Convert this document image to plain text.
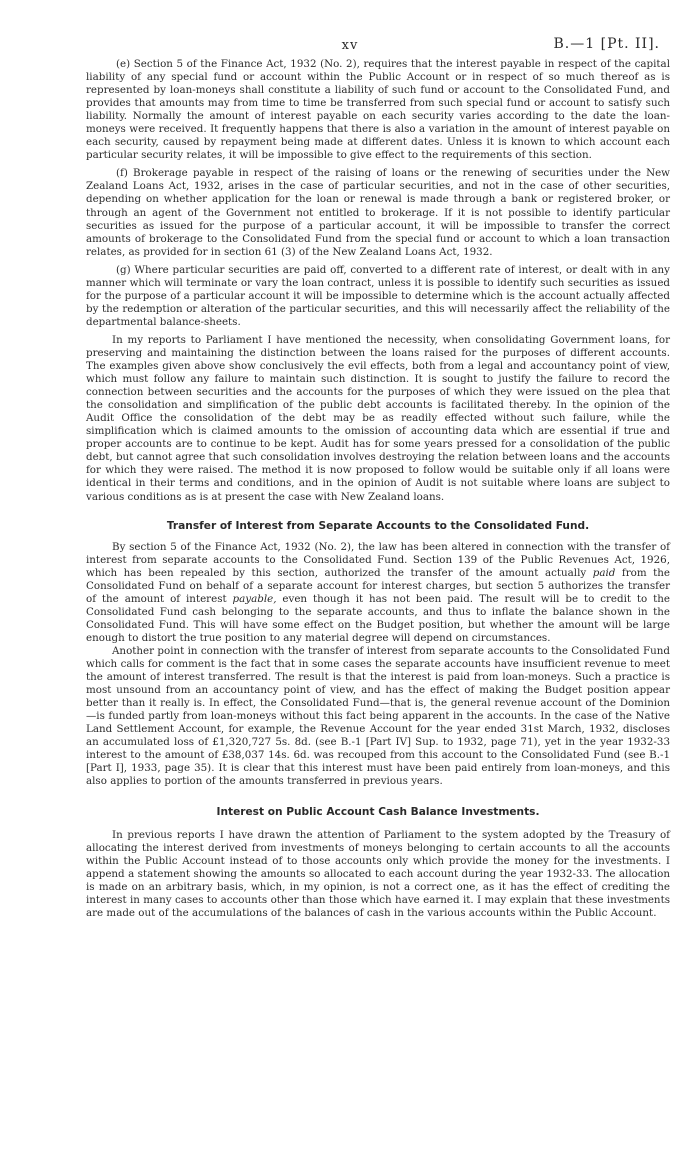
xv	B.—1 [Pt. II].

(e) Section 5 of the Finance Act, 1932 (No. 2), requires that the interest payable in respect of the capital liability of any special fund or account within the Public Account or in respect of so much thereof as is represented by loan-moneys shall constitute a liability of such fund or account to the Consolidated Fund, and provides that amounts may from time to time be transferred from such special fund or account to satisfy such liability. Normally the amount of interest payable on each security varies according to the date the loan-moneys were received. It frequently happens that there is also a variation in the amount of interest payable on each security, caused by repayment being made at different dates. Unless it is known to which account each particular security relates, it will be impossible to give effect to the requirements of this section.

(f) Brokerage payable in respect of the raising of loans or the renewing of securities under the New Zealand Loans Act, 1932, arises in the case of particular securities, and not in the case of other securities, depending on whether application for the loan or renewal is made through a bank or registered broker, or through an agent of the Government not entitled to brokerage. If it is not possible to identify particular securities as issued for the purpose of a particular account, it will be impossible to transfer the correct amounts of brokerage to the Consolidated Fund from the special fund or account to which a loan transaction relates, as provided for in section 61 (3) of the New Zealand Loans Act, 1932.

(g) Where particular securities are paid off, converted to a different rate of interest, or dealt with in any manner which will terminate or vary the loan contract, unless it is possible to identify such securities as issued for the purpose of a particular account it will be impossible to determine which is the account actually affected by the redemption or alteration of the particular securities, and this will necessarily affect the reliability of the departmental balance-sheets.

In my reports to Parliament I have mentioned the necessity, when consolidating Government loans, for preserving and maintaining the distinction between the loans raised for the purposes of different accounts. The examples given above show conclusively the evil effects, both from a legal and accountancy point of view, which must follow any failure to maintain such distinction. It is sought to justify the failure to record the connection between securities and the accounts for the purposes of which they were issued on the plea that the consolidation and simplification of the public debt accounts is facilitated thereby. In the opinion of the Audit Office the consolidation of the debt may be as readily effected without such failure, while the simplification which is claimed amounts to the omission of accounting data which are essential if true and proper accounts are to continue to be kept. Audit has for some years pressed for a consolidation of the public debt, but cannot agree that such consolidation involves destroying the relation between loans and the accounts for which they were raised. The method it is now proposed to follow would be suitable only if all loans were identical in their terms and conditions, and in the opinion of Audit is not suitable where loans are subject to various conditions as is at present the case with New Zealand loans.

Transfer of Interest from Separate Accounts to the Consolidated Fund.

By section 5 of the Finance Act, 1932 (No. 2), the law has been altered in connection with the transfer of interest from separate accounts to the Consolidated Fund. Section 139 of the Public Revenues Act, 1926, which has been repealed by this section, authorized the transfer of the amount actually paid from the Consolidated Fund on behalf of a separate account for interest charges, but section 5 authorizes the transfer of the amount of interest payable, even though it has not been paid. The result will be to credit to the Consolidated Fund cash belonging to the separate accounts, and thus to inflate the balance shown in the Consolidated Fund. This will have some effect on the Budget position, but whether the amount will be large enough to distort the true position to any material degree will depend on circumstances.

Another point in connection with the transfer of interest from separate accounts to the Consolidated Fund which calls for comment is the fact that in some cases the separate accounts have insufficient revenue to meet the amount of interest transferred. The result is that the interest is paid from loan-moneys. Such a practice is most unsound from an accountancy point of view, and has the effect of making the Budget position appear better than it really is. In effect, the Consolidated Fund—that is, the general revenue account of the Dominion—is funded partly from loan-moneys without this fact being apparent in the accounts. In the case of the Native Land Settlement Account, for example, the Revenue Account for the year ended 31st March, 1932, discloses an accumulated loss of £1,320,727 5s. 8d. (see B.-1 [Part IV] Sup. to 1932, page 71), yet in the year 1932-33 interest to the amount of £38,037 14s. 6d. was recouped from this account to the Consolidated Fund (see B.-1 [Part I], 1933, page 35). It is clear that this interest must have been paid entirely from loan-moneys, and this also applies to portion of the amounts transferred in previous years.

Interest on Public Account Cash Balance Investments.

In previous reports I have drawn the attention of Parliament to the system adopted by the Treasury of allocating the interest derived from investments of moneys belonging to certain accounts to all the accounts within the Public Account instead of to those accounts only which provide the money for the investments. I append a statement showing the amounts so allocated to each account during the year 1932-33. The allocation is made on an arbitrary basis, which, in my opinion, is not a correct one, as it has the effect of crediting the interest in many cases to accounts other than those which have earned it. I may explain that these investments are made out of the accumulations of the balances of cash in the various accounts within the Public Account.
